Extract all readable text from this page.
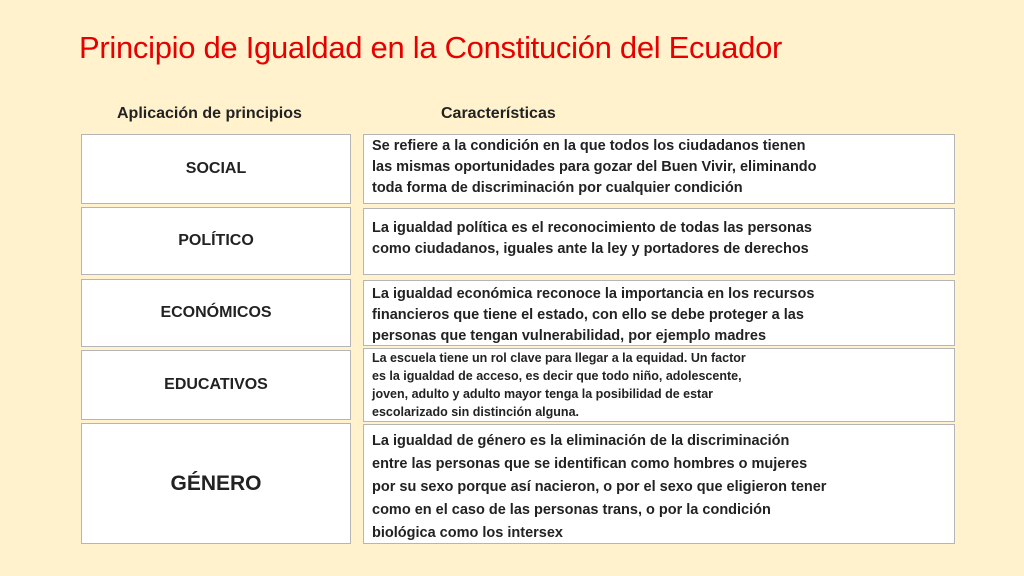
Principio de Igualdad en la Constitución del Ecuador
Aplicación de principios	Características
SOCIAL
Se refiere a la condición en la que todos los ciudadanos tienen
las mismas oportunidades para gozar del Buen Vivir, eliminando
toda forma de discriminación por cualquier condición
POLÍTICO
La igualdad política es el reconocimiento de todas las personas
como ciudadanos, iguales ante la ley y portadores de derechos
ECONÓMICOS
La igualdad económica reconoce la importancia en los recursos
financieros que tiene el estado, con ello se debe proteger a las
personas que tengan vulnerabilidad, por ejemplo madres
EDUCATIVOS
La escuela tiene un rol clave para llegar a la equidad. Un factor
es la igualdad de acceso, es decir que todo niño, adolescente,
joven, adulto y adulto mayor tenga la posibilidad de estar
escolarizado sin distinción alguna.
GÉNERO
La igualdad de género es la eliminación de la discriminación
entre las personas que se identifican como hombres o mujeres
por su sexo porque así nacieron, o por el sexo que eligieron tener
como en el caso de las personas trans, o por la condición
biológica como los intersex
